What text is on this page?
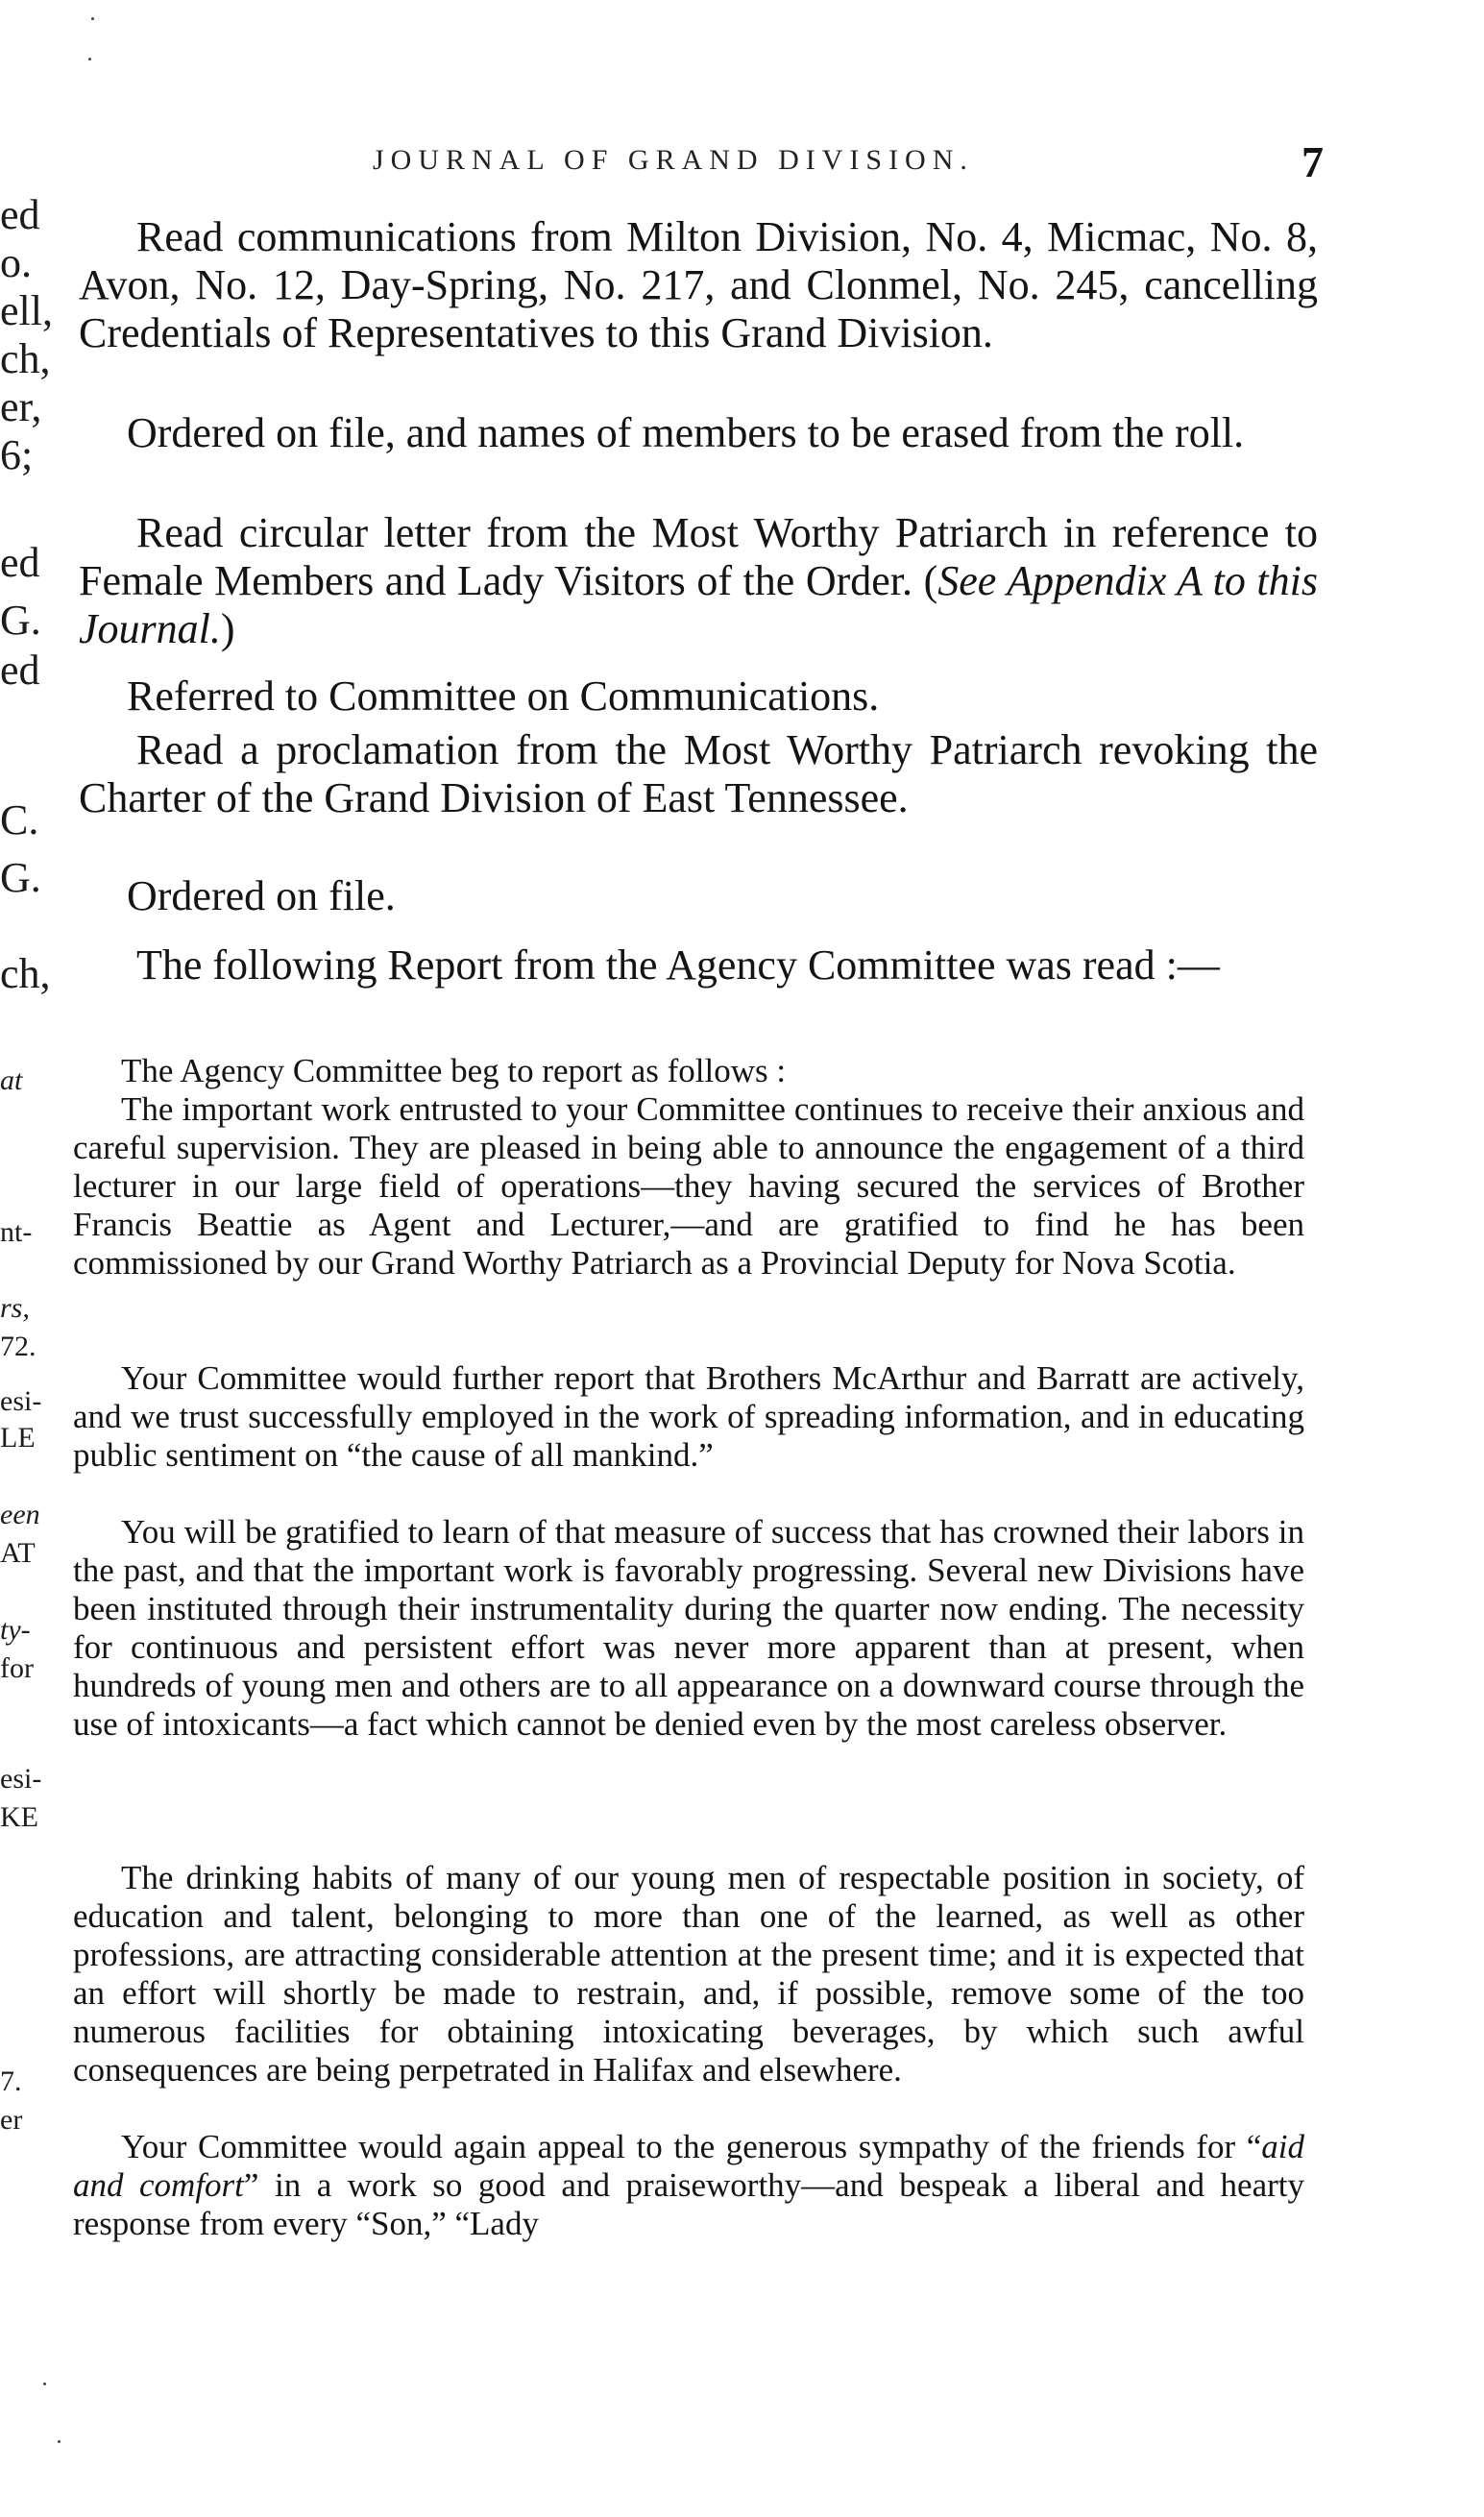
JOURNAL OF GRAND DIVISION.	7
ed
o.
ell,
ch,
er,
6;
ed
G.
ed
C.
G.
ch,
at
nt-
rs,
72.
esi-
LE
een
AT
ty-
for
esi-
KE
7.
er

Read communications from Milton Division, No. 4, Micmac, No. 8, Avon, No. 12, Day-Spring, No. 217, and Clonmel, No. 245, cancelling Credentials of Representatives to this Grand Division.

Ordered on file, and names of members to be erased from the roll.

Read circular letter from the Most Worthy Patriarch in reference to Female Members and Lady Visitors of the Order. (See Appendix A to this Journal.)

Referred to Committee on Communications.

Read a proclamation from the Most Worthy Patriarch revoking the Charter of the Grand Division of East Tennessee.

Ordered on file.

The following Report from the Agency Committee was read :—

The Agency Committee beg to report as follows :

The important work entrusted to your Committee continues to receive their anxious and careful supervision. They are pleased in being able to announce the engagement of a third lecturer in our large field of operations—they having secured the services of Brother Francis Beattie as Agent and Lecturer,—and are gratified to find he has been commissioned by our Grand Worthy Patriarch as a Provincial Deputy for Nova Scotia.

Your Committee would further report that Brothers McArthur and Barratt are actively, and we trust successfully employed in the work of spreading information, and in educating public sentiment on “the cause of all mankind.”

You will be gratified to learn of that measure of success that has crowned their labors in the past, and that the important work is favorably progressing. Several new Divisions have been instituted through their instrumentality during the quarter now ending. The necessity for continuous and persistent effort was never more apparent than at present, when hundreds of young men and others are to all appearance on a downward course through the use of intoxicants—a fact which cannot be denied even by the most careless observer.

The drinking habits of many of our young men of respectable position in society, of education and talent, belonging to more than one of the learned, as well as other professions, are attracting considerable attention at the present time; and it is expected that an effort will shortly be made to restrain, and, if possible, remove some of the too numerous facilities for obtaining intoxicating beverages, by which such awful consequences are being perpetrated in Halifax and elsewhere.

Your Committee would again appeal to the generous sympathy of the friends for “aid and comfort” in a work so good and praiseworthy—and bespeak a liberal and hearty response from every “Son,” “Lady
